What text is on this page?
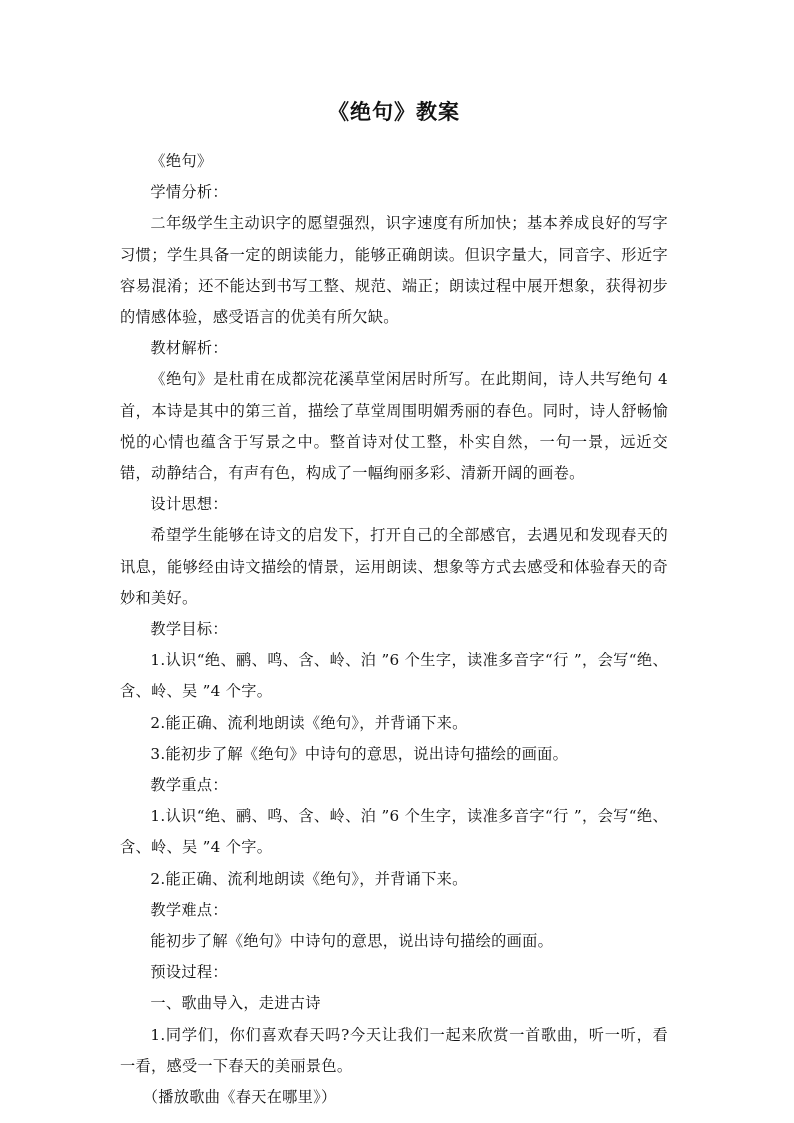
《绝句》教案

《绝句》

学情分析：

二年级学生主动识字的愿望强烈，识字速度有所加快；基本养成良好的写字习惯；学生具备一定的朗读能力，能够正确朗读。但识字量大，同音字、形近字容易混淆；还不能达到书写工整、规范、端正；朗读过程中展开想象，获得初步的情感体验，感受语言的优美有所欠缺。

教材解析：

《绝句》是杜甫在成都浣花溪草堂闲居时所写。在此期间，诗人共写绝句 4 首，本诗是其中的第三首，描绘了草堂周围明媚秀丽的春色。同时，诗人舒畅愉悦的心情也蕴含于写景之中。整首诗对仗工整，朴实自然，一句一景，远近交错，动静结合，有声有色，构成了一幅绚丽多彩、清新开阔的画卷。

设计思想：

希望学生能够在诗文的启发下，打开自己的全部感官，去遇见和发现春天的讯息，能够经由诗文描绘的情景，运用朗读、想象等方式去感受和体验春天的奇妙和美好。

教学目标：

1.认识“绝、鹂、鸣、含、岭、泊 ”6 个生字，读准多音字“行 ”，会写“绝、含、岭、吴 ”4 个字。

2.能正确、流利地朗读《绝句》，并背诵下来。

3.能初步了解《绝句》中诗句的意思，说出诗句描绘的画面。

教学重点：

1.认识“绝、鹂、鸣、含、岭、泊 ”6 个生字，读准多音字“行 ”，会写“绝、含、岭、吴 ”4 个字。

2.能正确、流利地朗读《绝句》，并背诵下来。

教学难点：

能初步了解《绝句》中诗句的意思，说出诗句描绘的画面。

预设过程：

一、歌曲导入，走进古诗

1.同学们，你们喜欢春天吗?今天让我们一起来欣赏一首歌曲，听一听，看一看，感受一下春天的美丽景色。

（播放歌曲《春天在哪里》）
